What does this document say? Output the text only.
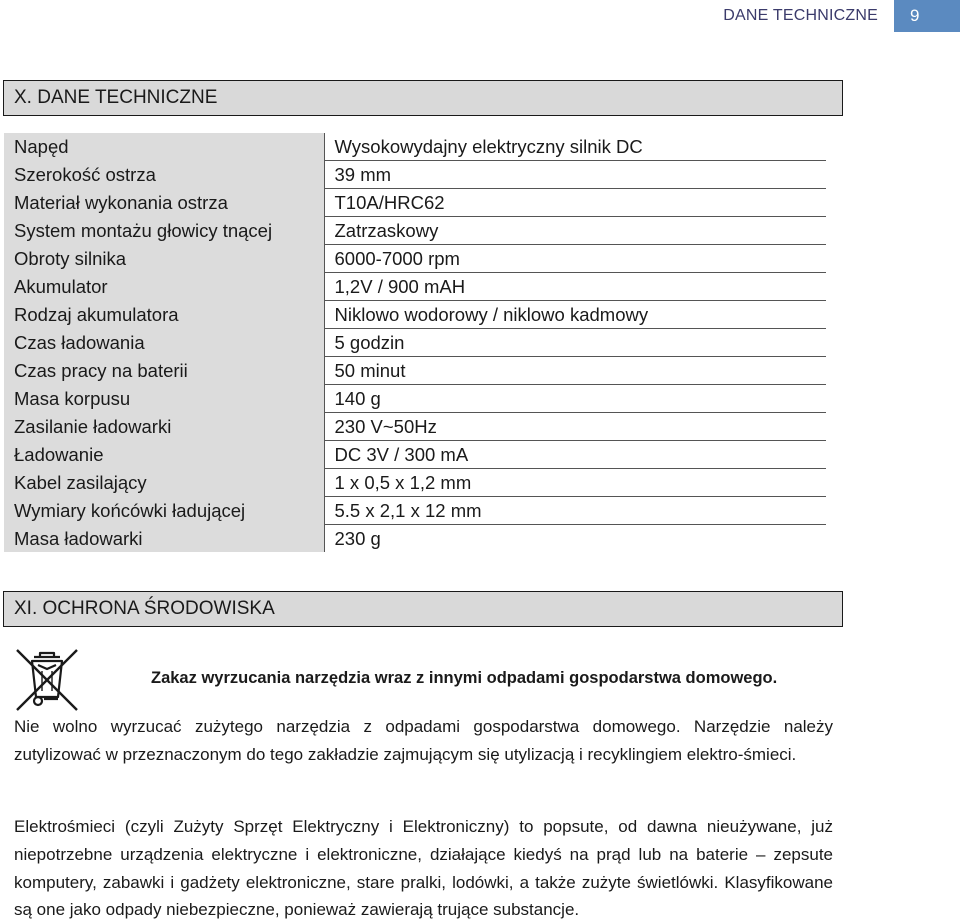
DANE TECHNICZNE	9
X. DANE TECHNICZNE
Napęd	Wysokowydajny elektryczny silnik DC
Szerokość ostrza	39 mm
Materiał wykonania ostrza	T10A/HRC62
System montażu głowicy tnącej	Zatrzaskowy
Obroty silnika	6000-7000 rpm
Akumulator	1,2V / 900 mAH
Rodzaj akumulatora	Niklowo wodorowy / niklowo kadmowy
Czas ładowania	5 godzin
Czas pracy na baterii	50 minut
Masa korpusu	140 g
Zasilanie ładowarki	230 V~50Hz
Ładowanie	DC 3V / 300 mA
Kabel zasilający	1 x 0,5 x 1,2 mm
Wymiary końcówki ładującej	5.5 x 2,1 x 12 mm
Masa ładowarki	230 g
XI. OCHRONA ŚRODOWISKA
Zakaz wyrzucania narzędzia wraz z innymi odpadami gospodarstwa domowego.

Nie wolno wyrzucać zużytego narzędzia z odpadami gospodarstwa domowego. Narzędzie należy zutylizować w przeznaczonym do tego zakładzie zajmującym się utylizacją i recyklingiem elektro-śmieci.

Elektrośmieci (czyli Zużyty Sprzęt Elektryczny i Elektroniczny) to popsute, od dawna nieużywane, już niepotrzebne urządzenia elektryczne i elektroniczne, działające kiedyś na prąd lub na baterie – zepsute komputery, zabawki i gadżety elektroniczne, stare pralki, lodówki, a także zużyte świetlówki. Klasyfikowane są one jako odpady niebezpieczne, ponieważ zawierają trujące substancje.
